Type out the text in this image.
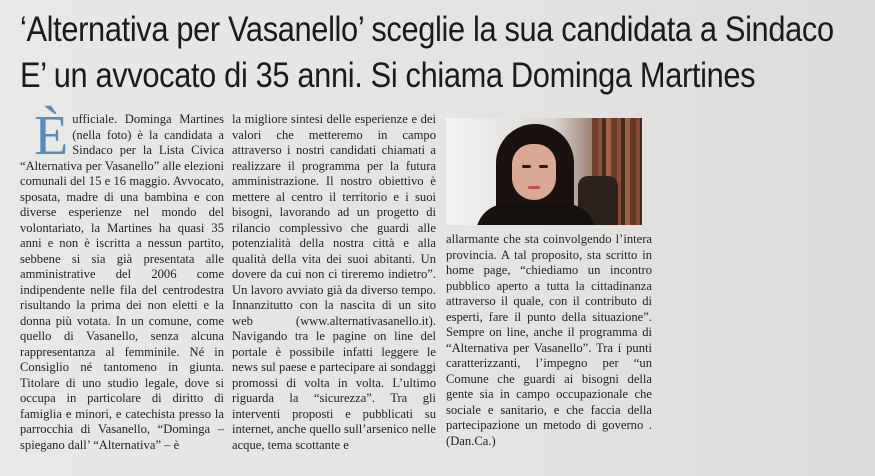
‘Alternativa per Vasanello’ sceglie la sua candidata a Sindaco
E’ un avvocato di 35 anni. Si chiama Dominga Martines
È ufficiale. Dominga Martines (nella foto) è la candidata a Sindaco per la Lista Civica “Alternativa per Vasanello” alle elezioni comunali del 15 e 16 maggio. Avvocato, sposata, madre di una bambina e con diverse esperienze nel mondo del volontariato, la Martines ha quasi 35 anni e non è iscritta a nessun partito, sebbene si sia già presentata alle amministrative del 2006 come indipendente nelle fila del centrodestra risultando la prima dei non eletti e la donna più votata. In un comune, come quello di Vasanello, senza alcuna rappresentanza al femminile. Né in Consiglio né tantomeno in giunta. Titolare di uno studio legale, dove si occupa in particolare di diritto di famiglia e minori, e catechista presso la parrocchia di Vasanello, “Dominga – spiegano dall’ “Alternativa” – è

la migliore sintesi delle esperienze e dei valori che metteremo in campo attraverso i nostri candidati chiamati a realizzare il programma per la futura amministrazione. Il nostro obiettivo è mettere al centro il territorio e i suoi bisogni, lavorando ad un progetto di rilancio complessivo che guardi alle potenzialità della nostra città e alla qualità della vita dei suoi abitanti. Un dovere da cui non ci tireremo indietro”. Un lavoro avviato già da diverso tempo. Innanzitutto con la nascita di un sito web (www.alternativasanello.it). Navigando tra le pagine on line del portale è possibile infatti leggere le news sul paese e partecipare ai sondaggi promossi di volta in volta. L’ultimo riguarda la “sicurezza”. Tra gli interventi proposti e pubblicati su internet, anche quello sull’arsenico nelle acque, tema scottante e

allarmante che sta coinvolgendo l’intera provincia. A tal proposito, sta scritto in home page, “chiediamo un incontro pubblico aperto a tutta la cittadinanza attraverso il quale, con il contributo di esperti, fare il punto della situazione”. Sempre on line, anche il programma di “Alternativa per Vasanello”. Tra i punti caratterizzanti, l’impegno per “un Comune che guardi ai bisogni della gente sia in campo occupazionale che sociale e sanitario, e che faccia della partecipazione un metodo di governo . (Dan.Ca.)
